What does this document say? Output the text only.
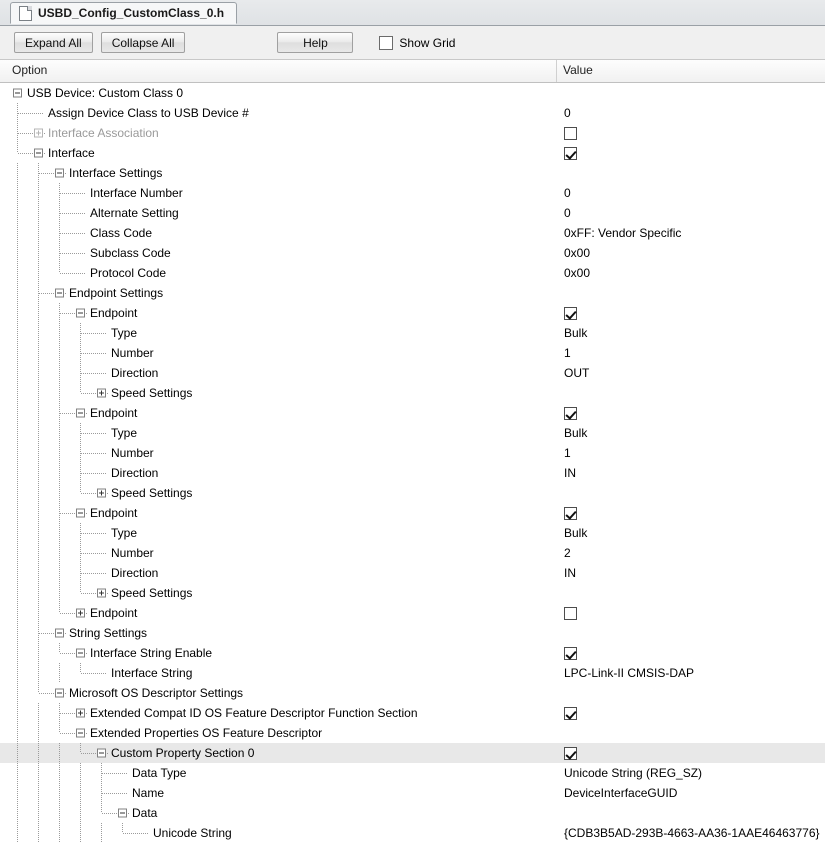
USBD_Config_CustomClass_0.h
Expand All	Collapse All	Help	Show Grid
Option	Value
USB Device: Custom Class 0
Assign Device Class to USB Device #	0
Interface Association
Interface
Interface Settings
Interface Number	0
Alternate Setting	0
Class Code	0xFF: Vendor Specific
Subclass Code	0x00
Protocol Code	0x00
Endpoint Settings
Endpoint
Type	Bulk
Number	1
Direction	OUT
Speed Settings
Endpoint
Type	Bulk
Number	1
Direction	IN
Speed Settings
Endpoint
Type	Bulk
Number	2
Direction	IN
Speed Settings
Endpoint
String Settings
Interface String Enable
Interface String	LPC-Link-II CMSIS-DAP
Microsoft OS Descriptor Settings
Extended Compat ID OS Feature Descriptor Function Section
Extended Properties OS Feature Descriptor
Custom Property Section 0
Data Type	Unicode String (REG_SZ)
Name	DeviceInterfaceGUID
Data
Unicode String	{CDB3B5AD-293B-4663-AA36-1AAE46463776}
